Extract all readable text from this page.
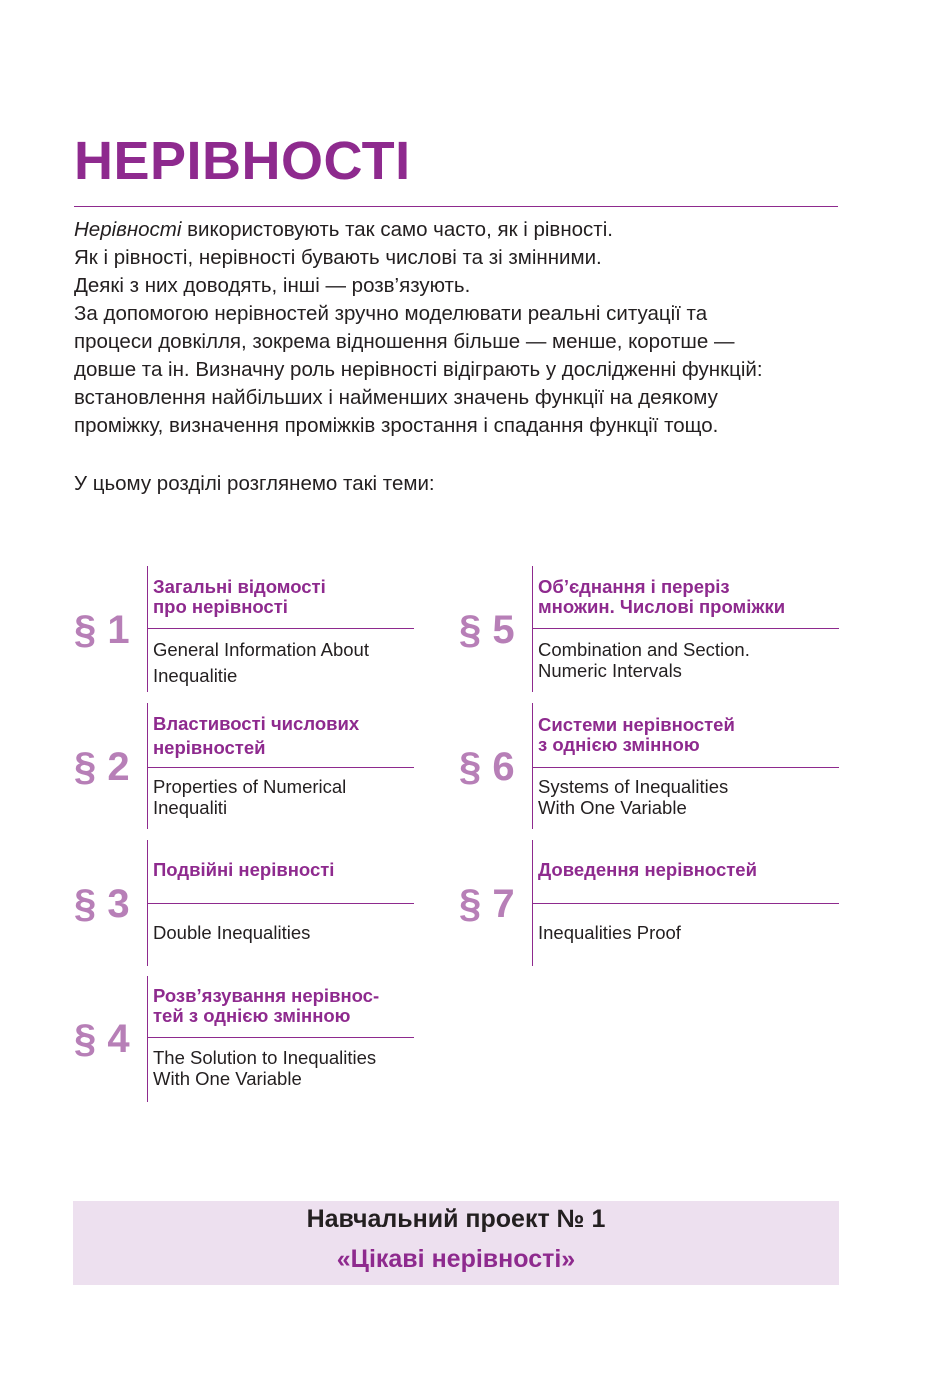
НЕРІВНОСТІ

Нерівності використовують так само часто, як і рівності.

Як і рівності, нерівності бувають числові та зі змінними.

Деякі з них доводять, інші — розв’язують.

За допомогою нерівностей зручно моделювати реальні ситуації та

процеси довкілля, зокрема відношення більше — менше, коротше —

довше та ін. Визначну роль нерівності відіграють у дослідженні функцій:

встановлення найбільших і найменших значень функції на деякому

проміжку, визначення проміжків зростання і спадання функції тощо.

У цьому розділі розглянемо такі теми:
§ 1
Загальні відомості
про нерівності
General Information About
Inequalitie
§ 2
Властивості числових
нерівностей
Properties of Numerical
Inequaliti
§ 3
Подвійні нерівності
Double Inequalities
§ 4
Розв’язування нерівнос-
тей з однією змінною
The Solution to Inequalities
With One Variable
§ 5
Об’єднання і переріз
множин. Числові проміжки
Combination and Section.
Numeric Intervals
§ 6
Системи нерівностей
з однією змінною
Systems of Inequalities
With One Variable
§ 7
Доведення нерівностей
Inequalities Proof
Навчальний проект № 1
«Цікаві нерівності»
